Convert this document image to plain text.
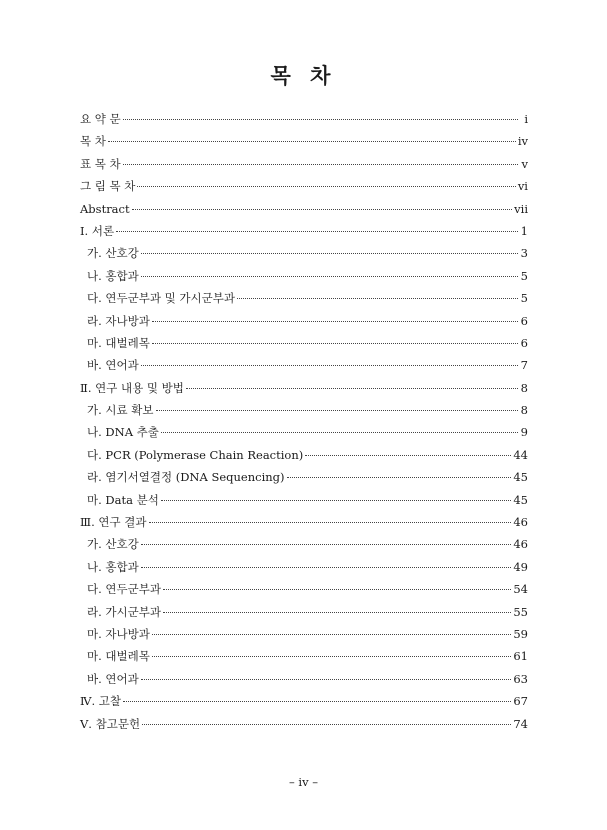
목 차
요 약 문	i
목 차	iv
표 목 차	v
그 림 목 차	vi
Abstract	vii
Ⅰ. 서론	1
가. 산호강	3
나. 홍합과	5
다. 연두군부과 및 가시군부과	5
라. 자나방과	6
마. 대벌레목	6
바. 연어과	7
Ⅱ. 연구 내용 및 방법	8
가. 시료 확보	8
나. DNA 추출	9
다. PCR (Polymerase Chain Reaction)	44
라. 염기서열결정 (DNA Sequencing)	45
마. Data 분석	45
Ⅲ. 연구 결과	46
가. 산호강	46
나. 홍합과	49
다. 연두군부과	54
라. 가시군부과	55
마. 자나방과	59
마. 대벌레목	61
바. 연어과	63
Ⅳ. 고찰	67
Ⅴ. 참고문헌	74
– iv –
